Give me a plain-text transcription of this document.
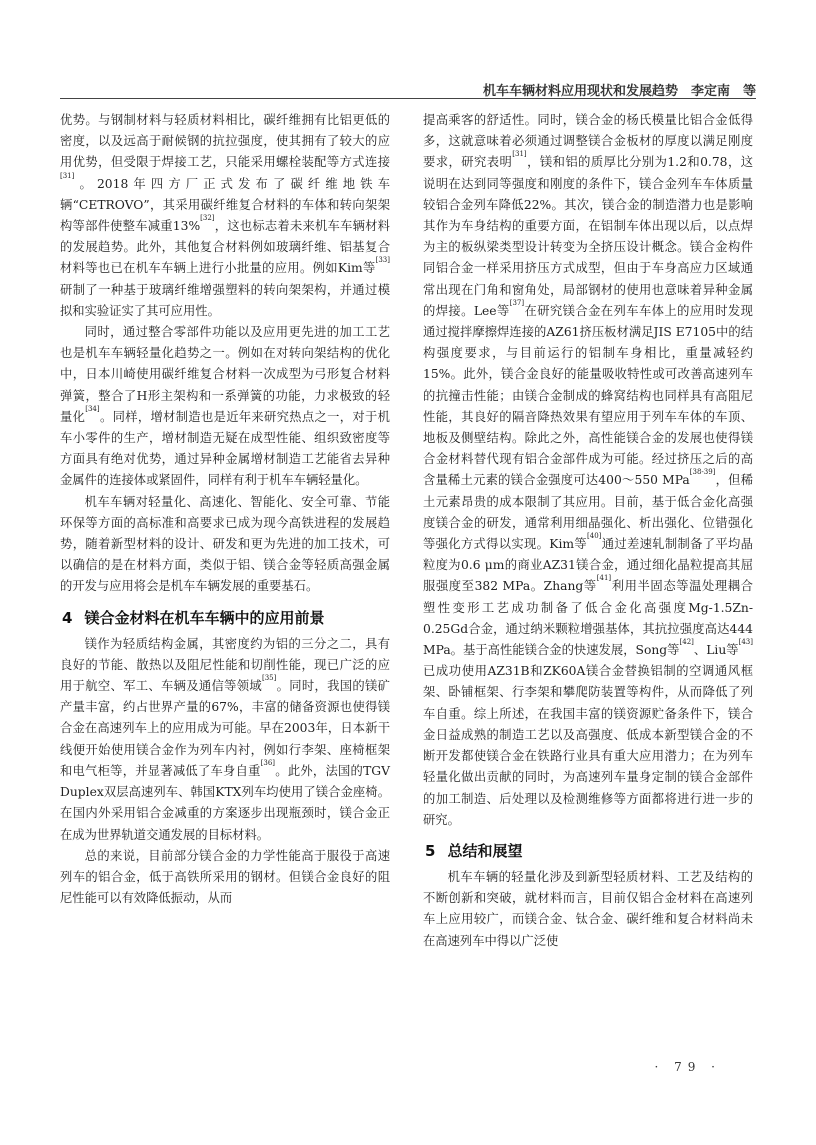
机车车辆材料应用现状和发展趋势　李定南　等

优势。与钢制材料与轻质材料相比，碳纤维拥有比铝更低的密度，以及远高于耐候钢的抗拉强度，使其拥有了较大的应用优势，但受限于焊接工艺，只能采用螺栓装配等方式连接[31]。2018年四方厂正式发布了碳纤维地铁车辆“CETROVO”，其采用碳纤维复合材料的车体和转向架架构等部件使整车减重13%[32]，这也标志着未来机车车辆材料的发展趋势。此外，其他复合材料例如玻璃纤维、铝基复合材料等也已在机车车辆上进行小批量的应用。例如Kim等[33]研制了一种基于玻璃纤维增强塑料的转向架架构，并通过模拟和实验证实了其可应用性。

同时，通过整合零部件功能以及应用更先进的加工工艺也是机车车辆轻量化趋势之一。例如在对转向架结构的优化中，日本川崎使用碳纤维复合材料一次成型为弓形复合材料弹簧，整合了H形主架构和一系弹簧的功能，力求极致的轻量化[34]。同样，增材制造也是近年来研究热点之一，对于机车小零件的生产，增材制造无疑在成型性能、组织致密度等方面具有绝对优势，通过异种金属增材制造工艺能省去异种金属件的连接体或紧固件，同样有利于机车车辆轻量化。

机车车辆对轻量化、高速化、智能化、安全可靠、节能环保等方面的高标准和高要求已成为现今高铁进程的发展趋势，随着新型材料的设计、研发和更为先进的加工技术，可以确信的是在材料方面，类似于铝、镁合金等轻质高强金属的开发与应用将会是机车车辆发展的重要基石。

4 镁合金材料在机车车辆中的应用前景

镁作为轻质结构金属，其密度约为铝的三分之二，具有良好的节能、散热以及阻尼性能和切削性能，现已广泛的应用于航空、军工、车辆及通信等领域[35]。同时，我国的镁矿产量丰富，约占世界产量的67%，丰富的储备资源也使得镁合金在高速列车上的应用成为可能。早在2003年，日本新干线便开始使用镁合金作为列车内衬，例如行李架、座椅框架和电气柜等，并显著减低了车身自重[36]。此外，法国的TGV Duplex双层高速列车、韩国KTX列车均使用了镁合金座椅。在国内外采用铝合金减重的方案逐步出现瓶颈时，镁合金正在成为世界轨道交通发展的目标材料。

总的来说，目前部分镁合金的力学性能高于服役于高速列车的铝合金，低于高铁所采用的钢材。但镁合金良好的阻尼性能可以有效降低振动，从而

提高乘客的舒适性。同时，镁合金的杨氏模量比铝合金低得多，这就意味着必须通过调整镁合金板材的厚度以满足刚度要求，研究表明[31]，镁和铝的质厚比分别为1.2和0.78，这说明在达到同等强度和刚度的条件下，镁合金列车车体质量较铝合金列车降低22%。其次，镁合金的制造潜力也是影响其作为车身结构的重要方面，在铝制车体出现以后，以点焊为主的板纵梁类型设计转变为全挤压设计概念。镁合金构件同铝合金一样采用挤压方式成型，但由于车身高应力区域通常出现在门角和窗角处，局部钢材的使用也意味着异种金属的焊接。Lee等[37]在研究镁合金在列车车体上的应用时发现通过搅拌摩擦焊连接的AZ61挤压板材满足JIS E7105中的结构强度要求，与目前运行的铝制车身相比，重量减轻约15%。此外，镁合金良好的能量吸收特性或可改善高速列车的抗撞击性能；由镁合金制成的蜂窝结构也同样具有高阻尼性能，其良好的隔音降热效果有望应用于列车车体的车顶、地板及侧壁结构。除此之外，高性能镁合金的发展也使得镁合金材料替代现有铝合金部件成为可能。经过挤压之后的高含量稀土元素的镁合金强度可达400～550 MPa[38-39]，但稀土元素昂贵的成本限制了其应用。目前，基于低合金化高强度镁合金的研发，通常利用细晶强化、析出强化、位错强化等强化方式得以实现。Kim等[40]通过差速轧制制备了平均晶粒度为0.6 μm的商业AZ31镁合金，通过细化晶粒提高其屈服强度至382 MPa。Zhang等[41]利用半固态等温处理耦合塑性变形工艺成功制备了低合金化高强度Mg-1.5Zn-0.25Gd合金，通过纳米颗粒增强基体，其抗拉强度高达444 MPa。基于高性能镁合金的快速发展，Song等[42]、Liu等[43]已成功使用AZ31B和ZK60A镁合金替换铝制的空调通风框架、卧铺框架、行李架和攀爬防装置等构件，从而降低了列车自重。综上所述，在我国丰富的镁资源贮备条件下，镁合金日益成熟的制造工艺以及高强度、低成本新型镁合金的不断开发都使镁合金在铁路行业具有重大应用潜力；在为列车轻量化做出贡献的同时，为高速列车量身定制的镁合金部件的加工制造、后处理以及检测维修等方面都将进行进一步的研究。

5 总结和展望

机车车辆的轻量化涉及到新型轻质材料、工艺及结构的不断创新和突破，就材料而言，目前仅铝合金材料在高速列车上应用较广，而镁合金、钛合金、碳纤维和复合材料尚未在高速列车中得以广泛使

· 79 ·
